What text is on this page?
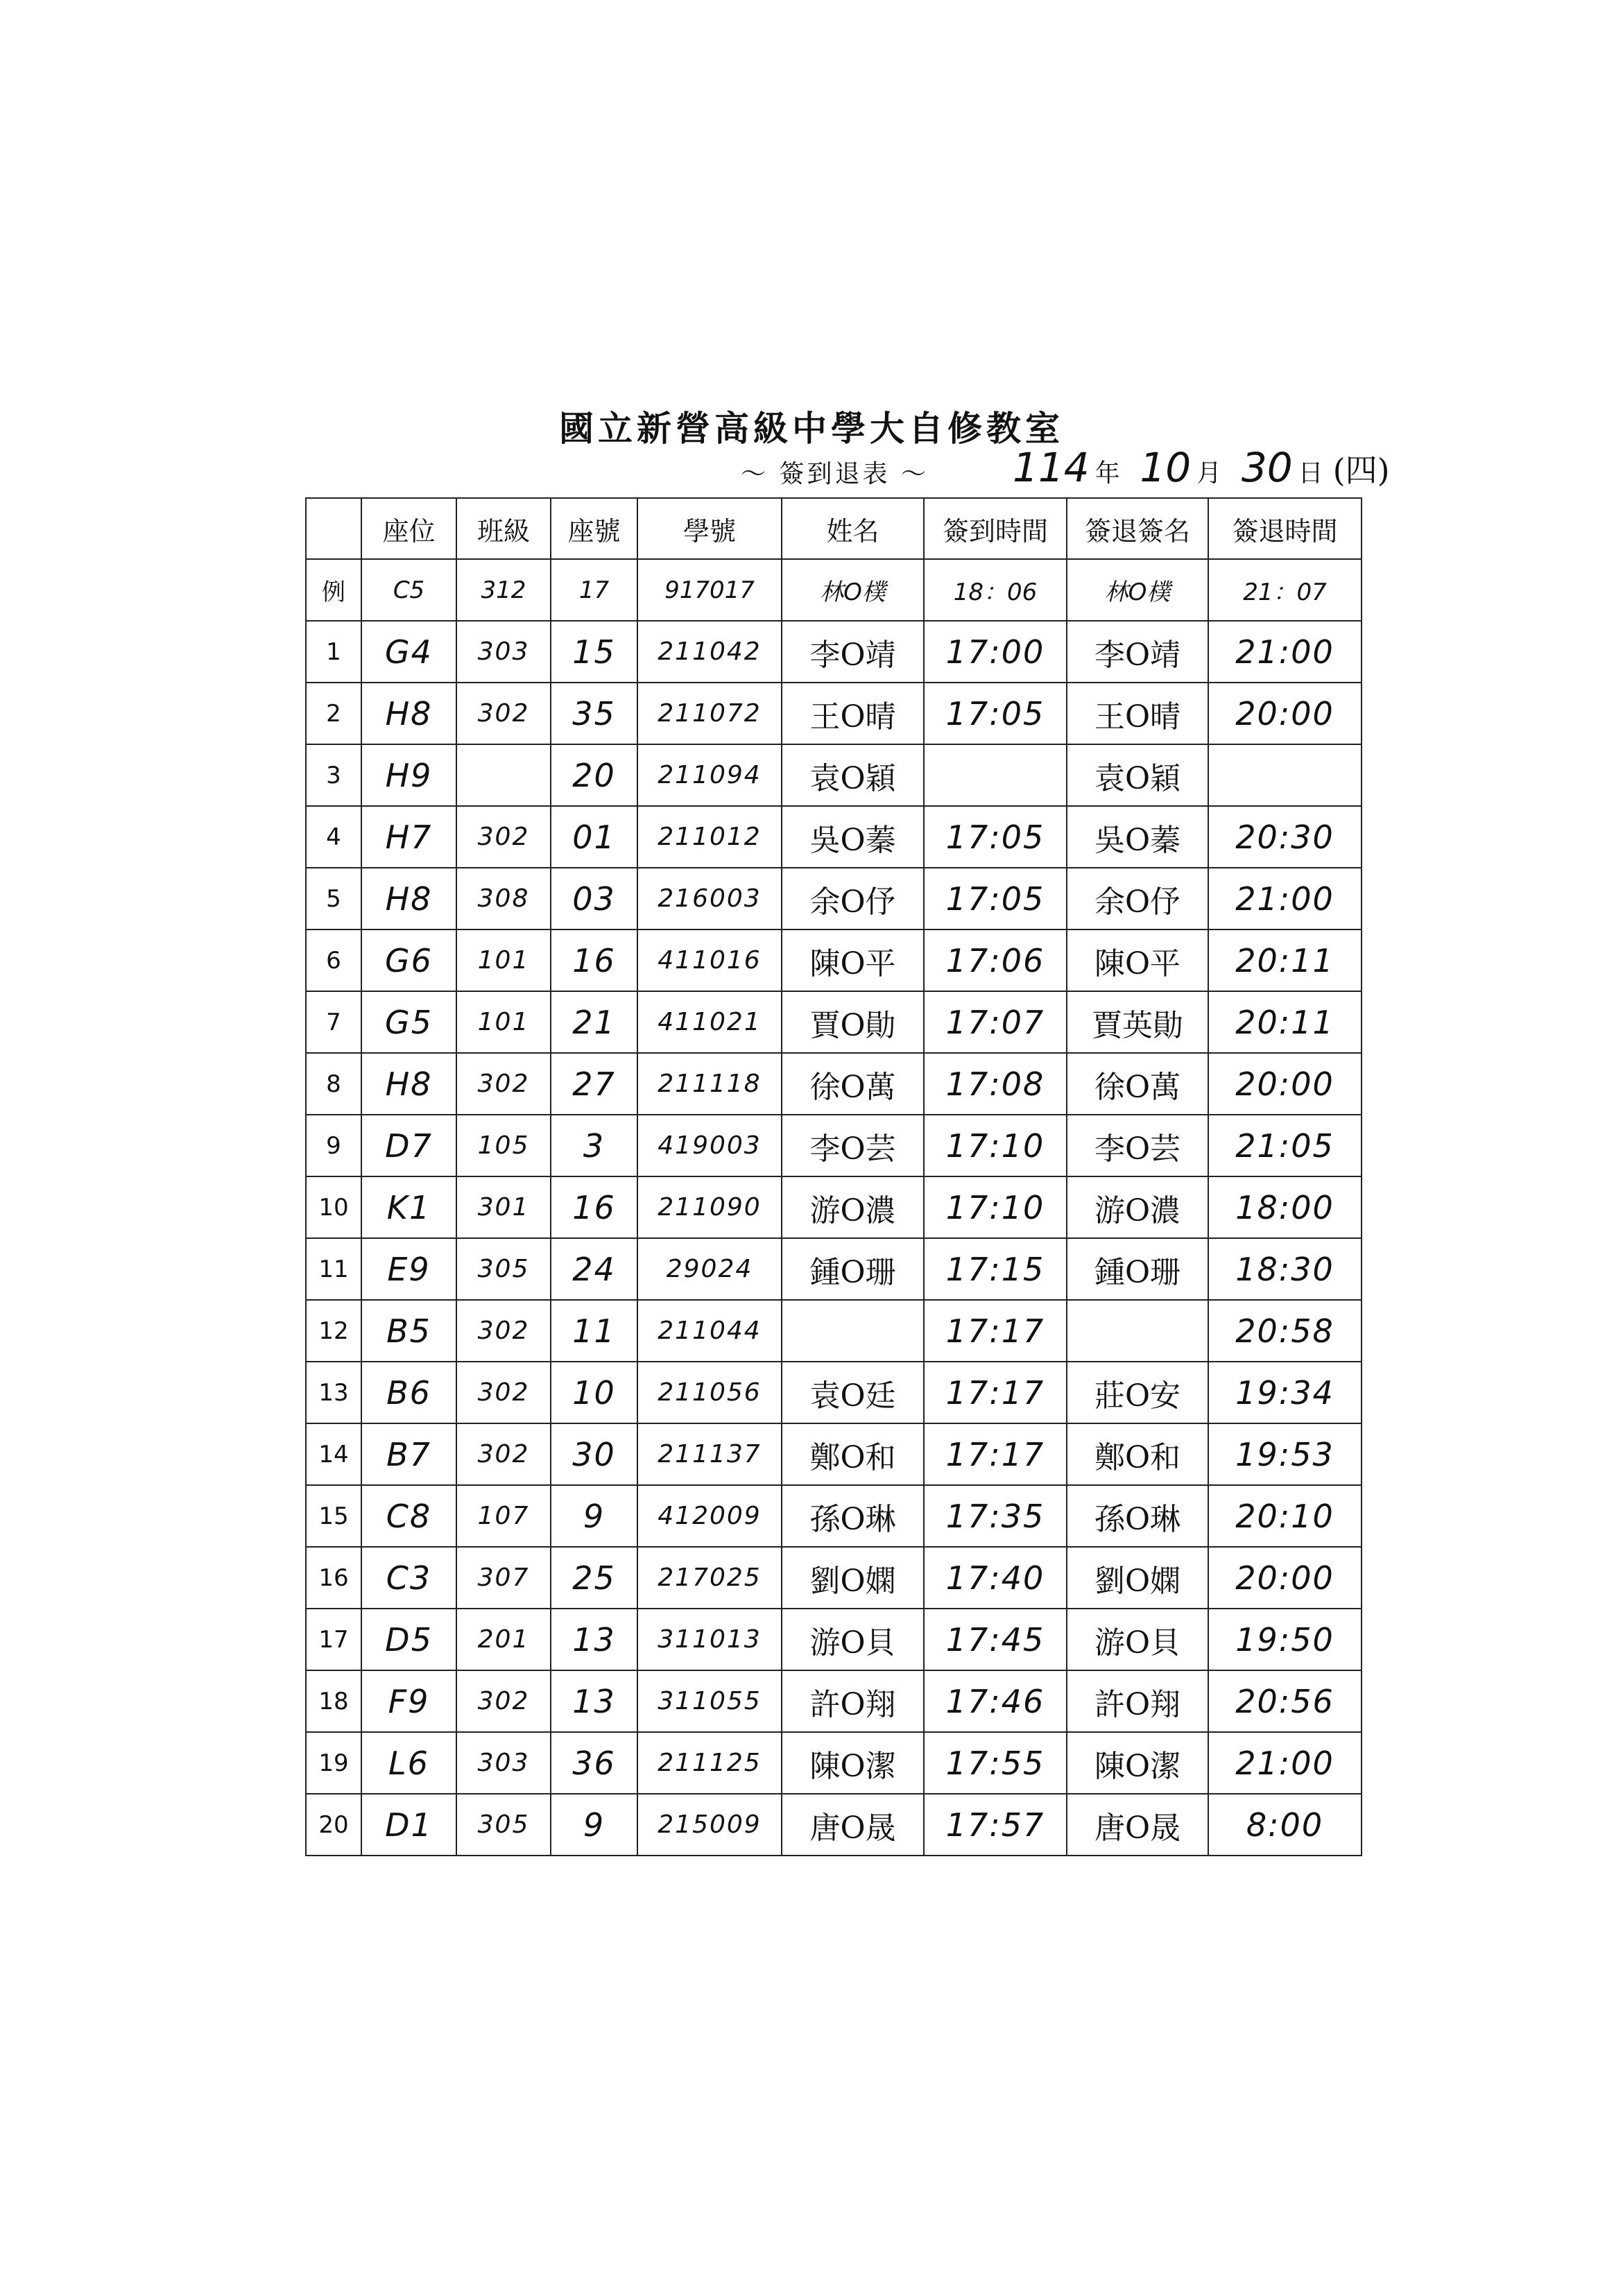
國立新營高級中學大自修教室
～ 簽到退表 ～ 114 年 10 月 30 日 (四)
	座位	班級	座號	學號	姓名	簽到時間	簽退簽名	簽退時間
例	C5	312	17	917017	林O樸	18：06	林O樸	21：07
1	G4	303	15	211042	李O靖	17:00	李O靖	21:00
2	H8	302	35	211072	王O晴	17:05	王O晴	20:00
3	H9		20	211094	袁O穎		袁O穎	
4	H7	302	01	211012	吳O蓁	17:05	吳O蓁	20:30
5	H8	308	03	216003	余O伃	17:05	余O伃	21:00
6	G6	101	16	411016	陳O平	17:06	陳O平	20:11
7	G5	101	21	411021	賈O勛	17:07	賈英勛	20:11
8	H8	302	27	211118	徐O萬	17:08	徐O萬	20:00
9	D7	105	3	419003	李O芸	17:10	李O芸	21:05
10	K1	301	16	211090	游O濃	17:10	游O濃	18:00
11	E9	305	24	29024	鍾O珊	17:15	鍾O珊	18:30
12	B5	302	11	211044		17:17		20:58
13	B6	302	10	211056	袁O廷	17:17	莊O安	19:34
14	B7	302	30	211137	鄭O和	17:17	鄭O和	19:53
15	C8	107	9	412009	孫O琳	17:35	孫O琳	20:10
16	C3	307	25	217025	劉O嫻	17:40	劉O嫻	20:00
17	D5	201	13	311013	游O貝	17:45	游O貝	19:50
18	F9	302	13	311055	許O翔	17:46	許O翔	20:56
19	L6	303	36	211125	陳O潔	17:55	陳O潔	21:00
20	D1	305	9	215009	唐O晟	17:57	唐O晟	8:00
